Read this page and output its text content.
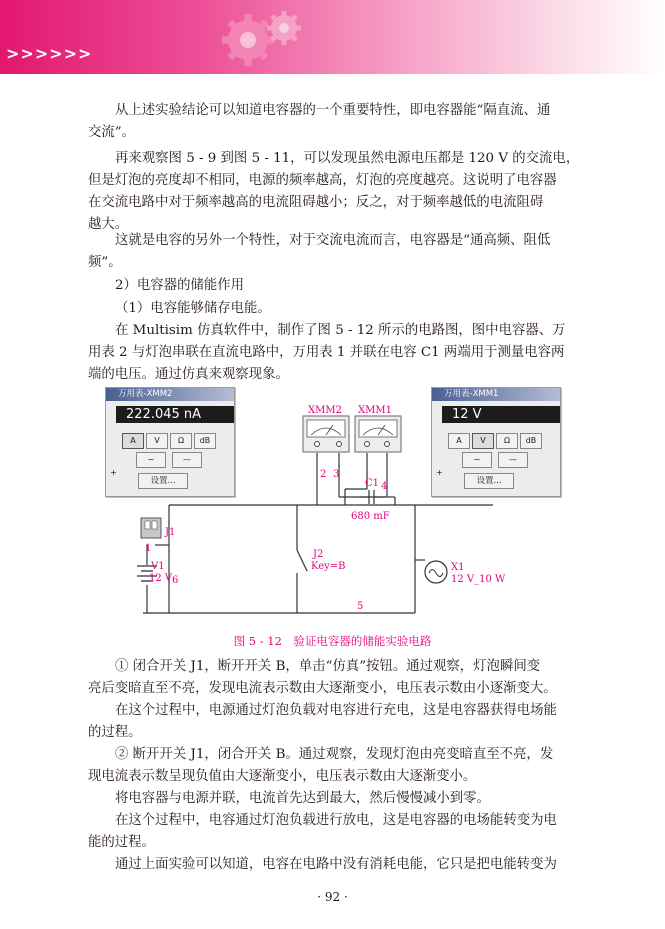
>>>>>>
从上述实验结论可以知道电容器的一个重要特性，即电容器能“隔直流、通
交流”。
再来观察图 5 - 9 到图 5 - 11，可以发现虽然电源电压都是 120 V 的交流电，
但是灯泡的亮度却不相同，电源的频率越高，灯泡的亮度越亮。这说明了电容器
在交流电路中对于频率越高的电流阻碍越小；反之，对于频率越低的电流阻碍
越大。
这就是电容的另外一个特性，对于交流电流而言，电容器是“通高频、阻低
频”。
2）电容器的储能作用
（1）电容能够储存电能。
在 Multisim 仿真软件中，制作了图 5 - 12 所示的电路图，图中电容器、万
用表 2 与灯泡串联在直流电路中，万用表 1 并联在电容 C1 两端用于测量电容两
端的电压。通过仿真来观察现象。
XMM2 XMM1
C1
680 mF
J1
J2
Key=B
V1
12 V
X1
12 V_10 W
1
2 3
4
5
6
万用表-XMM2
222.045 nA
A	V	Ω	dB
∼	—
设置...
+
万用表-XMM1
12 V
A	V	Ω	dB
∼	—
设置...
+
图 5 - 12　验证电容器的储能实验电路
① 闭合开关 J1，断开开关 B，单击“仿真”按钮。通过观察，灯泡瞬间变
亮后变暗直至不亮，发现电流表示数由大逐渐变小，电压表示数由小逐渐变大。
在这个过程中，电源通过灯泡负载对电容进行充电，这是电容器获得电场能
的过程。
② 断开开关 J1，闭合开关 B。通过观察，发现灯泡由亮变暗直至不亮，发
现电流表示数呈现负值由大逐渐变小，电压表示数由大逐渐变小。
将电容器与电源并联，电流首先达到最大，然后慢慢减小到零。
在这个过程中，电容通过灯泡负载进行放电，这是电容器的电场能转变为电
能的过程。
通过上面实验可以知道，电容在电路中没有消耗电能，它只是把电能转变为
· 92 ·
